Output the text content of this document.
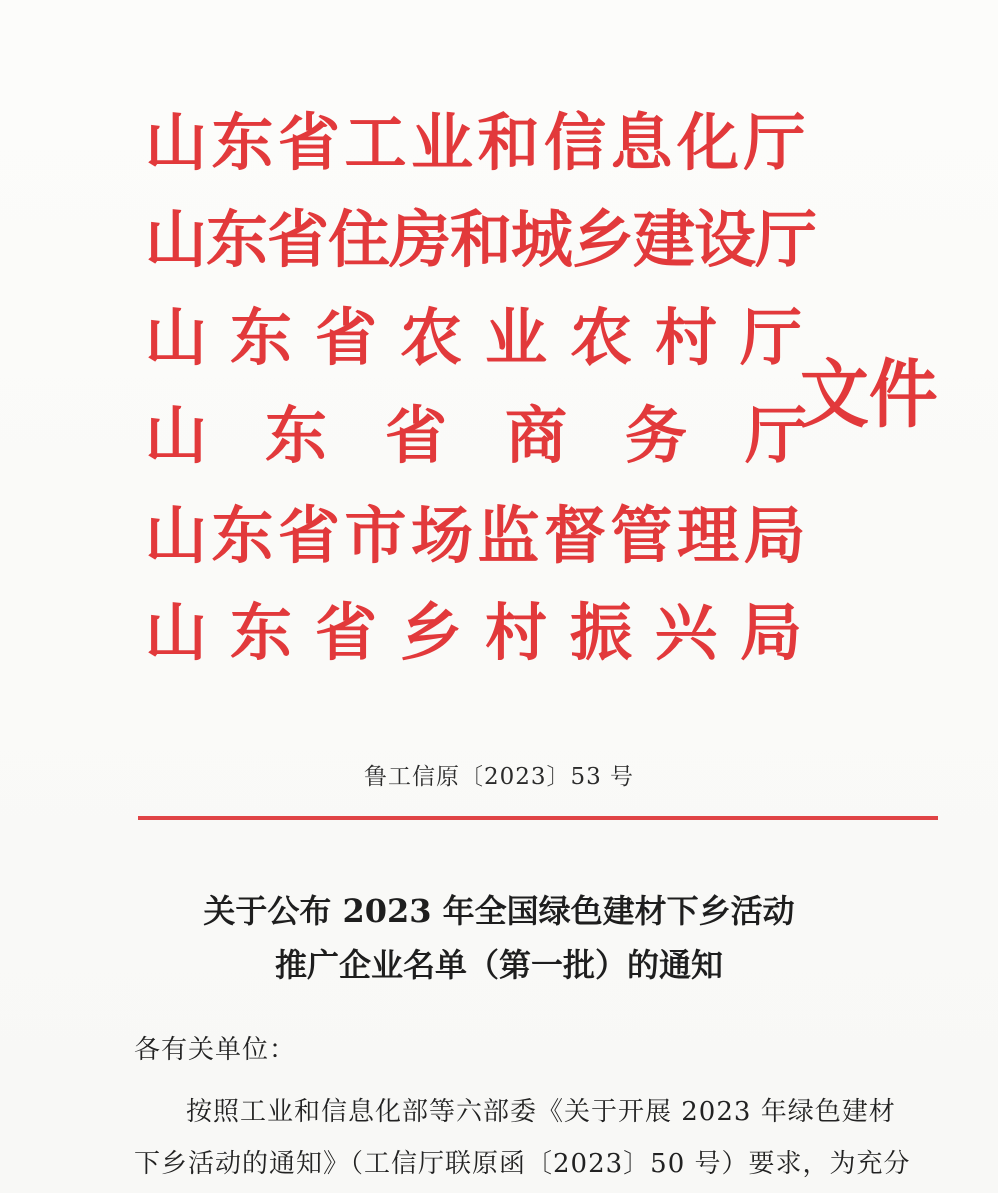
山东省工业和信息化厅
山东省住房和城乡建设厅
山东省农业农村厅
山东省商务厅
山东省市场监督管理局
山东省乡村振兴局
文件
鲁工信原〔2023〕53 号
关于公布 2023 年全国绿色建材下乡活动
推广企业名单（第一批）的通知
各有关单位：
按照工业和信息化部等六部委《关于开展 2023 年绿色建材
下乡活动的通知》（工信厅联原函〔2023〕50 号）要求，为充分
